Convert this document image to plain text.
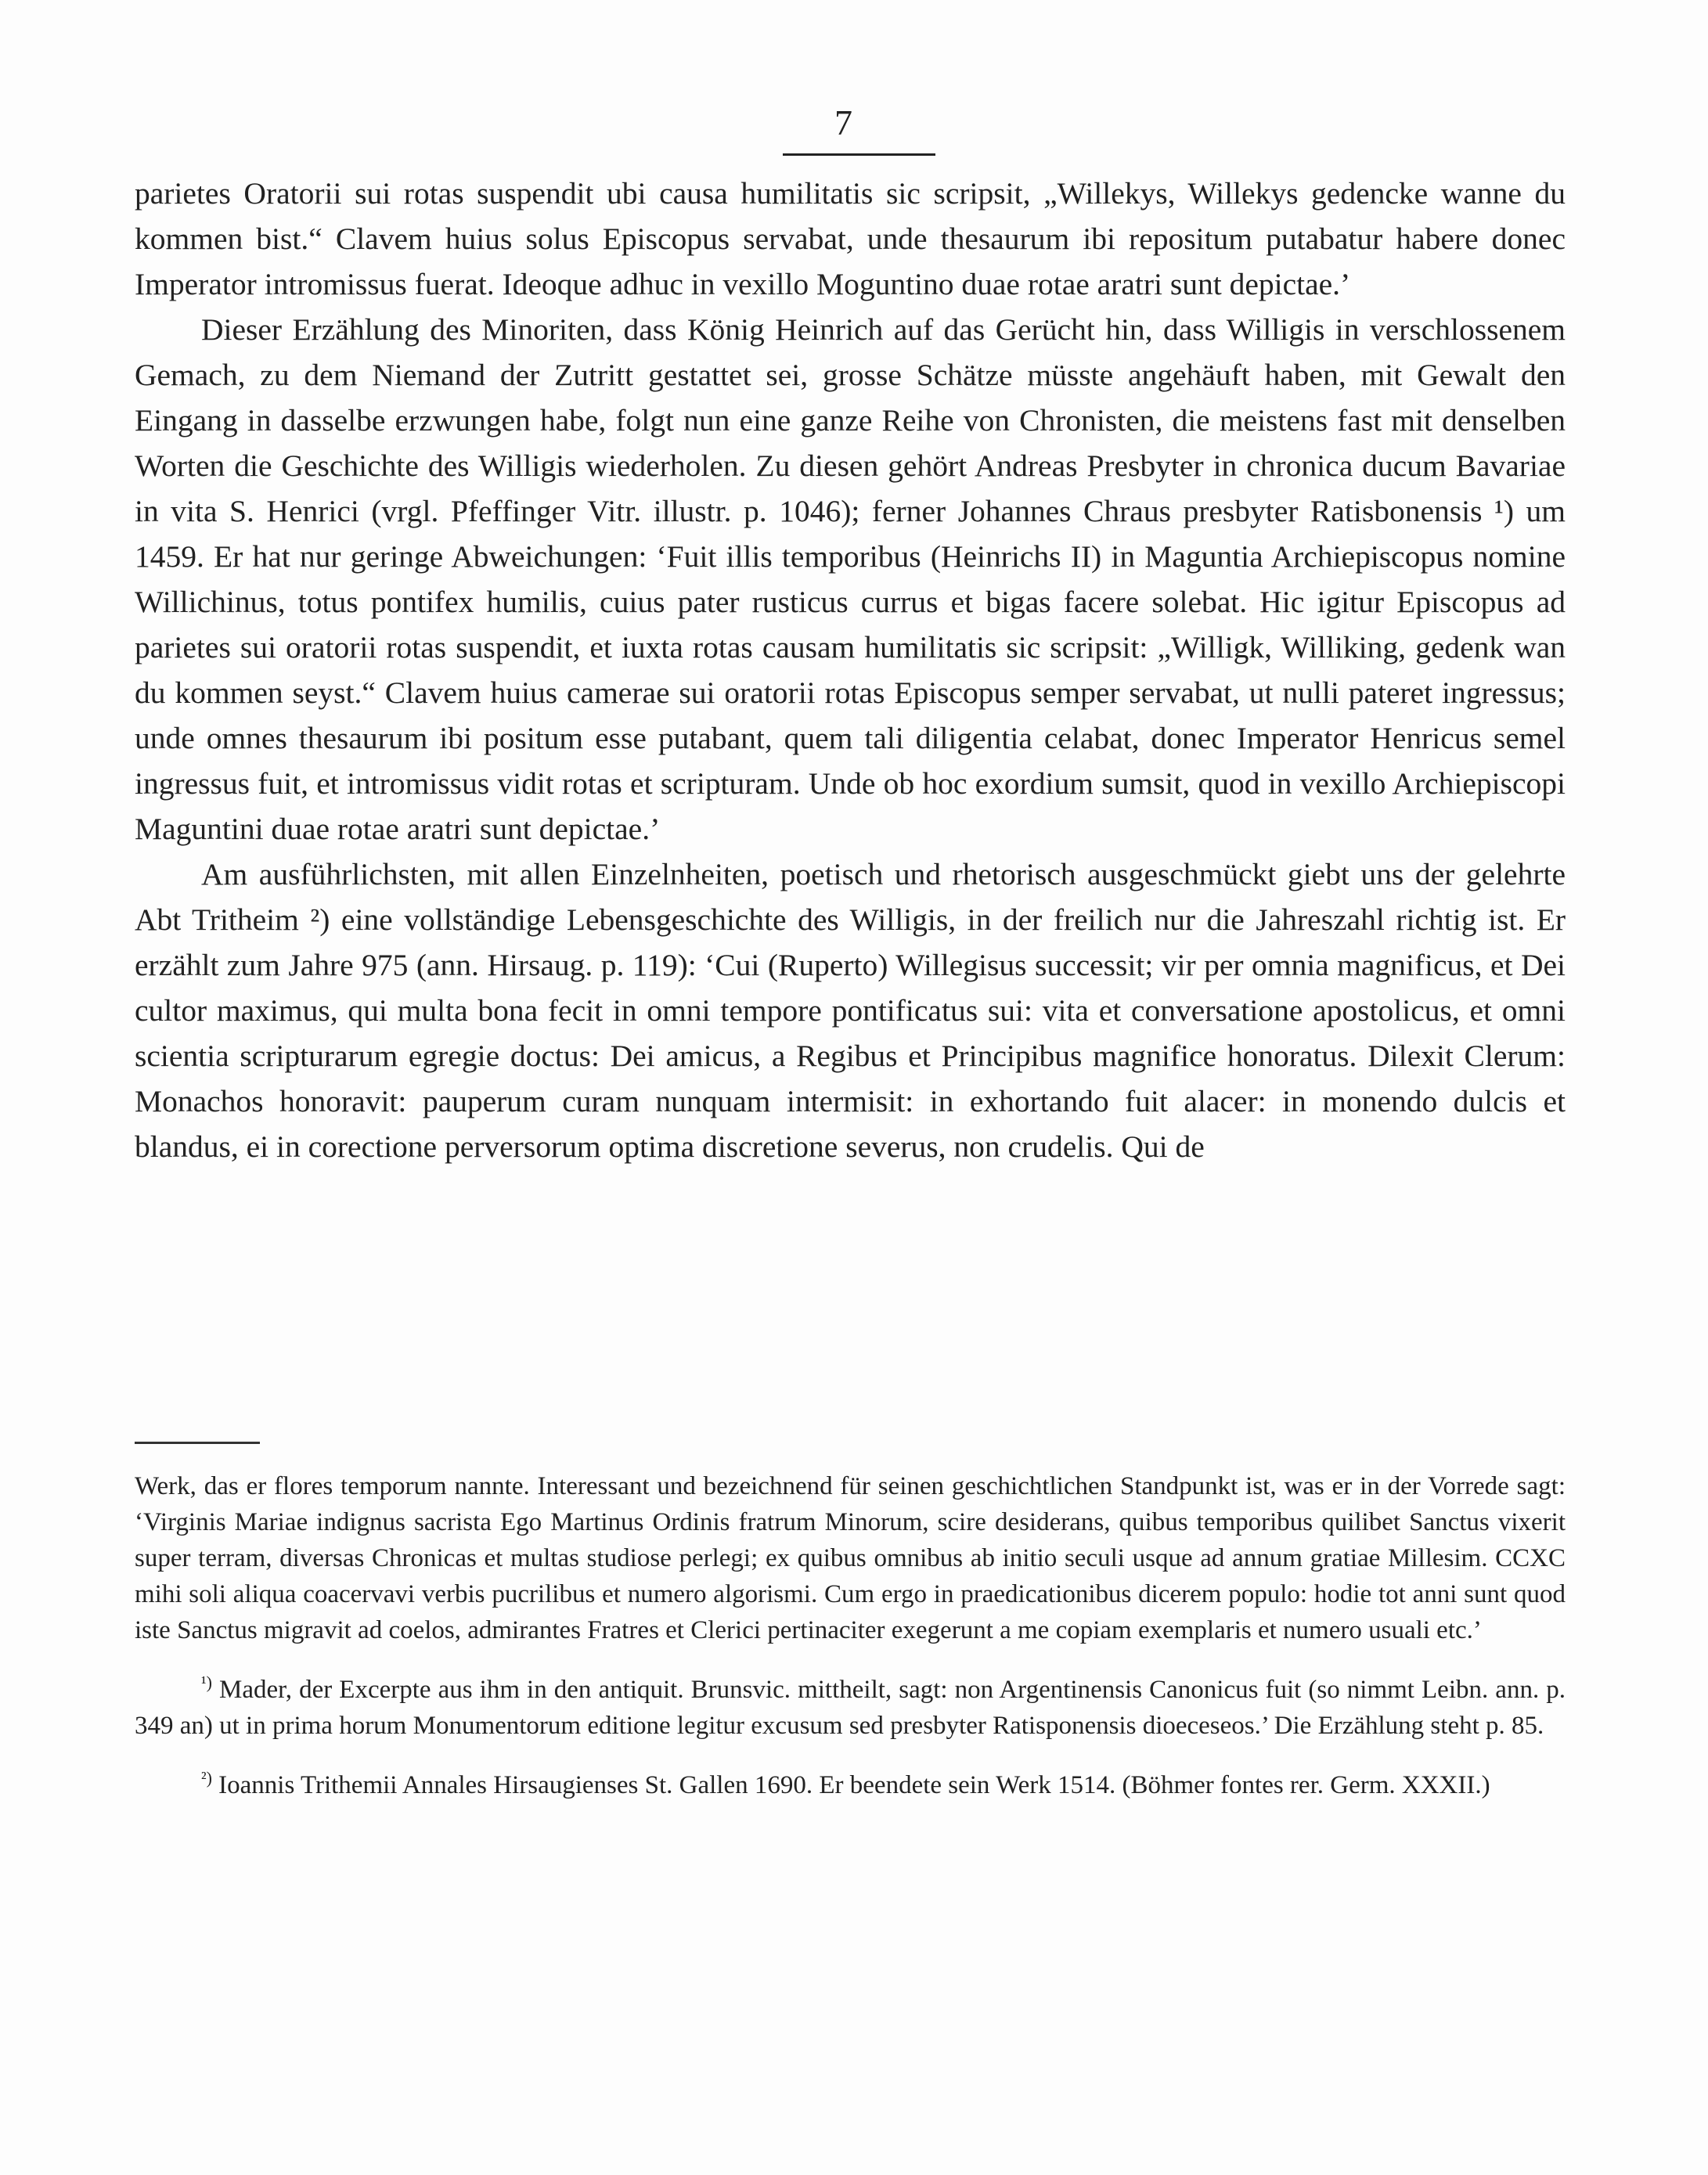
7

parietes Oratorii sui rotas suspendit ubi causa humilitatis sic scripsit, „Willekys, Willekys gedencke wanne du kommen bist.“ Clavem huius solus Episcopus servabat, unde thesaurum ibi repositum putabatur habere donec Imperator intromissus fuerat. Ideoque adhuc in vexillo Moguntino duae rotae aratri sunt depictae.’

Dieser Erzählung des Minoriten, dass König Heinrich auf das Gerücht hin, dass Willigis in verschlossenem Gemach, zu dem Niemand der Zutritt gestattet sei, grosse Schätze müsste angehäuft haben, mit Gewalt den Eingang in dasselbe erzwungen habe, folgt nun eine ganze Reihe von Chronisten, die meistens fast mit denselben Worten die Geschichte des Willigis wiederholen. Zu diesen gehört Andreas Presbyter in chronica ducum Bavariae in vita S. Henrici (vrgl. Pfeffinger Vitr. illustr. p. 1046); ferner Johannes Chraus presbyter Ratisbonensis ¹) um 1459. Er hat nur geringe Abweichungen: ‘Fuit illis temporibus (Heinrichs II) in Maguntia Archiepiscopus nomine Willichinus, totus pontifex humilis, cuius pater rusticus currus et bigas facere solebat. Hic igitur Episcopus ad parietes sui oratorii rotas suspendit, et iuxta rotas causam humilitatis sic scripsit: „Willigk, Williking, gedenk wan du kommen seyst.“ Clavem huius camerae sui oratorii rotas Episcopus semper servabat, ut nulli pateret ingressus; unde omnes thesaurum ibi positum esse putabant, quem tali diligentia celabat, donec Imperator Henricus semel ingressus fuit, et intromissus vidit rotas et scripturam. Unde ob hoc exordium sumsit, quod in vexillo Archiepiscopi Maguntini duae rotae aratri sunt depictae.’

Am ausführlichsten, mit allen Einzelnheiten, poetisch und rhetorisch ausgeschmückt giebt uns der gelehrte Abt Tritheim ²) eine vollständige Lebensgeschichte des Willigis, in der freilich nur die Jahreszahl richtig ist. Er erzählt zum Jahre 975 (ann. Hirsaug. p. 119): ‘Cui (Ruperto) Willegisus successit; vir per omnia magnificus, et Dei cultor maximus, qui multa bona fecit in omni tempore pontificatus sui: vita et conversatione apostolicus, et omni scientia scripturarum egregie doctus: Dei amicus, a Regibus et Principibus magnifice honoratus. Dilexit Clerum: Monachos honoravit: pauperum curam nunquam intermisit: in exhortando fuit alacer: in monendo dulcis et blandus, ei in corectione perversorum optima discretione severus, non crudelis. Qui de

Werk, das er flores temporum nannte. Interessant und bezeichnend für seinen geschichtlichen Standpunkt ist, was er in der Vorrede sagt: ‘Virginis Mariae indignus sacrista Ego Martinus Ordinis fratrum Minorum, scire desiderans, quibus temporibus quilibet Sanctus vixerit super terram, diversas Chronicas et multas studiose perlegi; ex quibus omnibus ab initio seculi usque ad annum gratiae Millesim. CCXC mihi soli aliqua coacervavi verbis pucrilibus et numero algorismi. Cum ergo in praedicationibus dicerem populo: hodie tot anni sunt quod iste Sanctus migravit ad coelos, admirantes Fratres et Clerici pertinaciter exegerunt a me copiam exemplaris et numero usuali etc.’

$^{^1)}$ Mader, der Excerpte aus ihm in den antiquit. Brunsvic. mittheilt, sagt: non Argentinensis Canonicus fuit (so nimmt Leibn. ann. p. 349 an) ut in prima horum Monumentorum editione legitur excusum sed presbyter Ratisponensis dioeceseos.’ Die Erzählung steht p. 85.

$^{^2)}$ Ioannis Trithemii Annales Hirsaugienses St. Gallen 1690. Er beendete sein Werk 1514. (Böhmer fontes rer. Germ. XXXII.)
